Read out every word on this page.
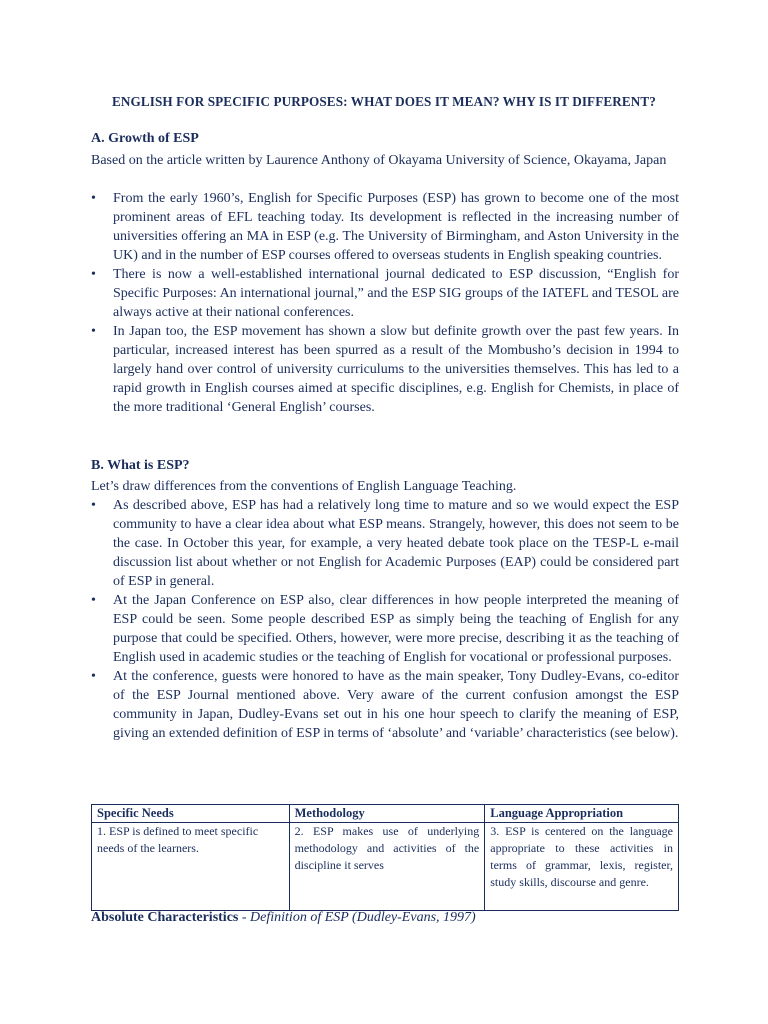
ENGLISH FOR SPECIFIC PURPOSES: WHAT DOES IT MEAN? WHY IS IT DIFFERENT?
A. Growth of ESP
Based on the article written by Laurence Anthony of Okayama University of Science, Okayama, Japan
• From the early 1960’s, English for Specific Purposes (ESP) has grown to become one of the most prominent areas of EFL teaching today. Its development is reflected in the increasing number of universities offering an MA in ESP (e.g. The University of Birmingham, and Aston University in the UK) and in the number of ESP courses offered to overseas students in English speaking countries.
• There is now a well-established international journal dedicated to ESP discussion, “English for Specific Purposes: An international journal,” and the ESP SIG groups of the IATEFL and TESOL are always active at their national conferences.
• In Japan too, the ESP movement has shown a slow but definite growth over the past few years. In particular, increased interest has been spurred as a result of the Mombusho’s decision in 1994 to largely hand over control of university curriculums to the universities themselves. This has led to a rapid growth in English courses aimed at specific disciplines, e.g. English for Chemists, in place of the more traditional ‘General English’ courses.
B. What is ESP?
Let’s draw differences from the conventions of English Language Teaching.
• As described above, ESP has had a relatively long time to mature and so we would expect the ESP community to have a clear idea about what ESP means. Strangely, however, this does not seem to be the case. In October this year, for example, a very heated debate took place on the TESP-L e-mail discussion list about whether or not English for Academic Purposes (EAP) could be considered part of ESP in general.
• At the Japan Conference on ESP also, clear differences in how people interpreted the meaning of ESP could be seen. Some people described ESP as simply being the teaching of English for any purpose that could be specified. Others, however, were more precise, describing it as the teaching of English used in academic studies or the teaching of English for vocational or professional purposes.
• At the conference, guests were honored to have as the main speaker, Tony Dudley-Evans, co-editor of the ESP Journal mentioned above. Very aware of the current confusion amongst the ESP community in Japan, Dudley-Evans set out in his one hour speech to clarify the meaning of ESP, giving an extended definition of ESP in terms of ‘absolute’ and ‘variable’ characteristics (see below).
Specific Needs	Methodology	Language Appropriation
1. ESP is defined to meet specific needs of the learners.	2. ESP makes use of underlying methodology and activities of the discipline it serves	3. ESP is centered on the language appropriate to these activities in terms of grammar, lexis, register, study skills, discourse and genre.
Absolute Characteristics - Definition of ESP (Dudley-Evans, 1997)
